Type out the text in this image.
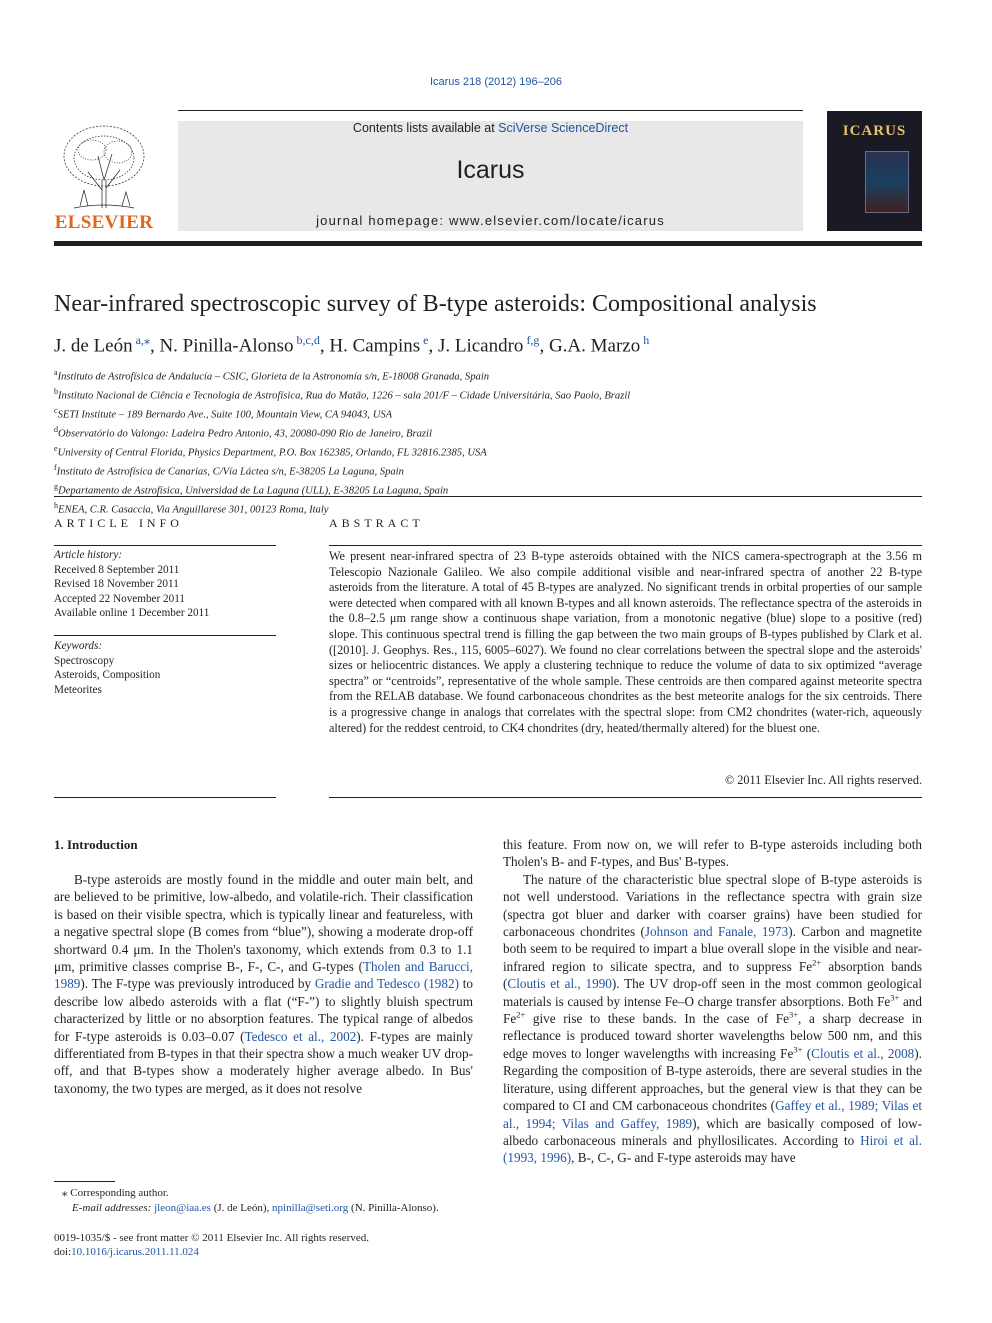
Icarus 218 (2012) 196–206
ELSEVIER
Contents lists available at SciVerse ScienceDirect
Icarus
journal homepage: www.elsevier.com/locate/icarus
ICARUS
Near-infrared spectroscopic survey of B-type asteroids: Compositional analysis
J. de León $^{a,⁎}$, N. Pinilla-Alonso $^{b,c,d}$, H. Campins $^e$, J. Licandro $^{f,g}$, G.A. Marzo $^h$
$^a$Instituto de Astrofísica de Andalucía – CSIC, Glorieta de la Astronomía s/n, E-18008 Granada, Spain
$^b$Instituto Nacional de Ciência e Tecnologia de Astrofísica, Rua do Matão, 1226 – sala 201/F – Cidade Universitária, Sao Paolo, Brazil
$^c$SETI Institute – 189 Bernardo Ave., Suite 100, Mountain View, CA 94043, USA
$^d$Observatório do Valongo: Ladeira Pedro Antonio, 43, 20080-090 Rio de Janeiro, Brazil
$^e$University of Central Florida, Physics Department, P.O. Box 162385, Orlando, FL 32816.2385, USA
$^f$Instituto de Astrofísica de Canarias, C/Vía Láctea s/n, E-38205 La Laguna, Spain
$^g$Departamento de Astrofísica, Universidad de La Laguna (ULL), E-38205 La Laguna, Spain
$^h$ENEA, C.R. Casaccia, Via Anguillarese 301, 00123 Roma, Italy
ARTICLE INFO
Article history:
Received 8 September 2011
Revised 18 November 2011
Accepted 22 November 2011
Available online 1 December 2011
Keywords:
Spectroscopy
Asteroids, Composition
Meteorites
ABSTRACT
We present near-infrared spectra of 23 B-type asteroids obtained with the NICS camera-spectrograph at the 3.56 m Telescopio Nazionale Galileo. We also compile additional visible and near-infrared spectra of another 22 B-type asteroids from the literature. A total of 45 B-types are analyzed. No significant trends in orbital properties of our sample were detected when compared with all known B-types and all known asteroids. The reflectance spectra of the asteroids in the 0.8–2.5 μm range show a continuous shape variation, from a monotonic negative (blue) slope to a positive (red) slope. This continuous spectral trend is filling the gap between the two main groups of B-types published by Clark et al. ([2010]. J. Geophys. Res., 115, 6005–6027). We found no clear correlations between the spectral slope and the asteroids' sizes or heliocentric distances. We apply a clustering technique to reduce the volume of data to six optimized “average spectra” or “centroids”, representative of the whole sample. These centroids are then compared against meteorite spectra from the RELAB database. We found carbonaceous chondrites as the best meteorite analogs for the six centroids. There is a progressive change in analogs that correlates with the spectral slope: from CM2 chondrites (water-rich, aqueously altered) for the reddest centroid, to CK4 chondrites (dry, heated/thermally altered) for the bluest one.
© 2011 Elsevier Inc. All rights reserved.
1. Introduction

B-type asteroids are mostly found in the middle and outer main belt, and are believed to be primitive, low-albedo, and volatile-rich. Their classification is based on their visible spectra, which is typically linear and featureless, with a negative spectral slope (B comes from “blue”), showing a moderate drop-off shortward 0.4 μm. In the Tholen's taxonomy, which extends from 0.3 to 1.1 μm, primitive classes comprise B-, F-, C-, and G-types (Tholen and Barucci, 1989). The F-type was previously introduced by Gradie and Tedesco (1982) to describe low albedo asteroids with a flat (“F-”) to slightly bluish spectrum characterized by little or no absorption features. The typical range of albedos for F-type asteroids is 0.03–0.07 (Tedesco et al., 2002). F-types are mainly differentiated from B-types in that their spectra show a much weaker UV drop-off, and that B-types show a moderately higher average albedo. In Bus' taxonomy, the two types are merged, as it does not resolve

this feature. From now on, we will refer to B-type asteroids including both Tholen's B- and F-types, and Bus' B-types.

The nature of the characteristic blue spectral slope of B-type asteroids is not well understood. Variations in the reflectance spectra with grain size (spectra got bluer and darker with coarser grains) have been studied for carbonaceous chondrites (Johnson and Fanale, 1973). Carbon and magnetite both seem to be required to impart a blue overall slope in the visible and near-infrared region to silicate spectra, and to suppress $Fe^{2+}$ absorption bands (Cloutis et al., 1990). The UV drop-off seen in the most common geological materials is caused by intense Fe–O charge transfer absorptions. Both $Fe^{3+}$ and $Fe^{2+}$ give rise to these bands. In the case of $Fe^{3+}$, a sharp decrease in reflectance is produced toward shorter wavelengths below 500 nm, and this edge moves to longer wavelengths with increasing $Fe^{3+}$ (Cloutis et al., 2008). Regarding the composition of B-type asteroids, there are several studies in the literature, using different approaches, but the general view is that they can be compared to CI and CM carbonaceous chondrites (Gaffey et al., 1989; Vilas et al., 1994; Vilas and Gaffey, 1989), which are basically composed of low-albedo carbonaceous minerals and phyllosilicates. According to Hiroi et al. (1993, 1996), B-, C-, G- and F-type asteroids may have

⁎ Corresponding author.
E-mail addresses: jleon@iaa.es (J. de León), npinilla@seti.org (N. Pinilla-Alonso).
0019-1035/$ - see front matter © 2011 Elsevier Inc. All rights reserved.
doi:10.1016/j.icarus.2011.11.024
